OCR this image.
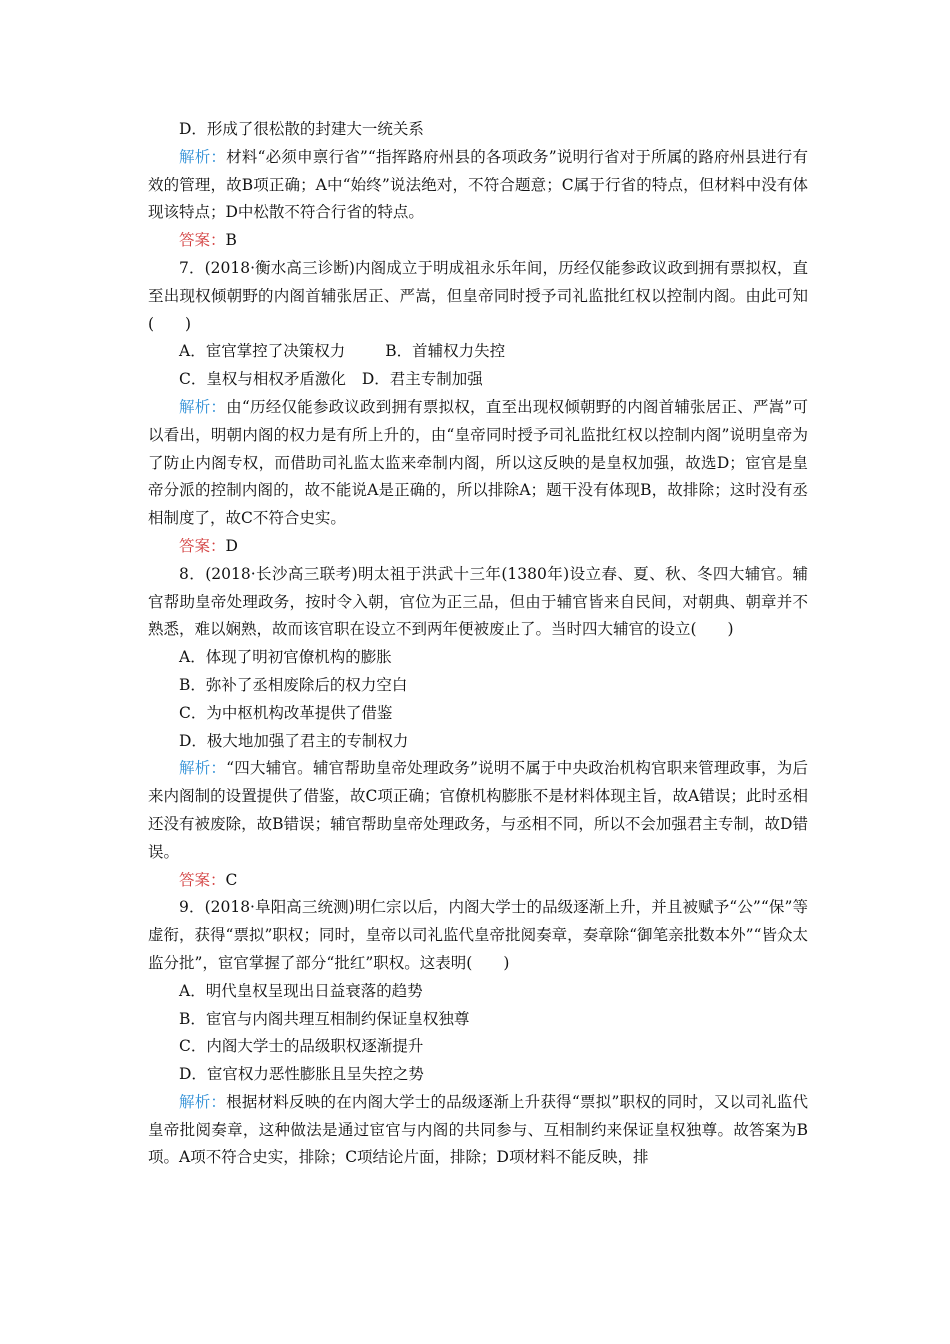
D．形成了很松散的封建大一统关系

解析：材料“必须申禀行省”“指挥路府州县的各项政务”说明行省对于所属的路府州县进行有效的管理，故B项正确；A中“始终”说法绝对，不符合题意；C属于行省的特点，但材料中没有体现该特点；D中松散不符合行省的特点。

答案：B

7．(2018·衡水高三诊断)内阁成立于明成祖永乐年间，历经仅能参政议政到拥有票拟权，直至出现权倾朝野的内阁首辅张居正、严嵩，但皇帝同时授予司礼监批红权以控制内阁。由此可知(　　)

A．宦官掌控了决策权力	B．首辅权力失控
C．皇权与相权矛盾激化 D．君主专制加强

解析：由“历经仅能参政议政到拥有票拟权，直至出现权倾朝野的内阁首辅张居正、严嵩”可以看出，明朝内阁的权力是有所上升的，由“皇帝同时授予司礼监批红权以控制内阁”说明皇帝为了防止内阁专权，而借助司礼监太监来牵制内阁，所以这反映的是皇权加强，故选D；宦官是皇帝分派的控制内阁的，故不能说A是正确的，所以排除A；题干没有体现B，故排除；这时没有丞相制度了，故C不符合史实。

答案：D

8．(2018·长沙高三联考)明太祖于洪武十三年(1380年)设立春、夏、秋、冬四大辅官。辅官帮助皇帝处理政务，按时令入朝，官位为正三品，但由于辅官皆来自民间，对朝典、朝章并不熟悉，难以娴熟，故而该官职在设立不到两年便被废止了。当时四大辅官的设立(　　)

A．体现了明初官僚机构的膨胀

B．弥补了丞相废除后的权力空白

C．为中枢机构改革提供了借鉴

D．极大地加强了君主的专制权力

解析：“四大辅官。辅官帮助皇帝处理政务”说明不属于中央政治机构官职来管理政事，为后来内阁制的设置提供了借鉴，故C项正确；官僚机构膨胀不是材料体现主旨，故A错误；此时丞相还没有被废除，故B错误；辅官帮助皇帝处理政务，与丞相不同，所以不会加强君主专制，故D错误。

答案：C

9．(2018·阜阳高三统测)明仁宗以后，内阁大学士的品级逐渐上升，并且被赋予“公”“保”等虚衔，获得“票拟”职权；同时，皇帝以司礼监代皇帝批阅奏章，奏章除“御笔亲批数本外”“皆众太监分批”，宦官掌握了部分“批红”职权。这表明(　　)

A．明代皇权呈现出日益衰落的趋势

B．宦官与内阁共理互相制约保证皇权独尊

C．内阁大学士的品级职权逐渐提升

D．宦官权力恶性膨胀且呈失控之势

解析：根据材料反映的在内阁大学士的品级逐渐上升获得“票拟”职权的同时，又以司礼监代皇帝批阅奏章，这种做法是通过宦官与内阁的共同参与、互相制约来保证皇权独尊。故答案为B项。A项不符合史实，排除；C项结论片面，排除；D项材料不能反映，排
